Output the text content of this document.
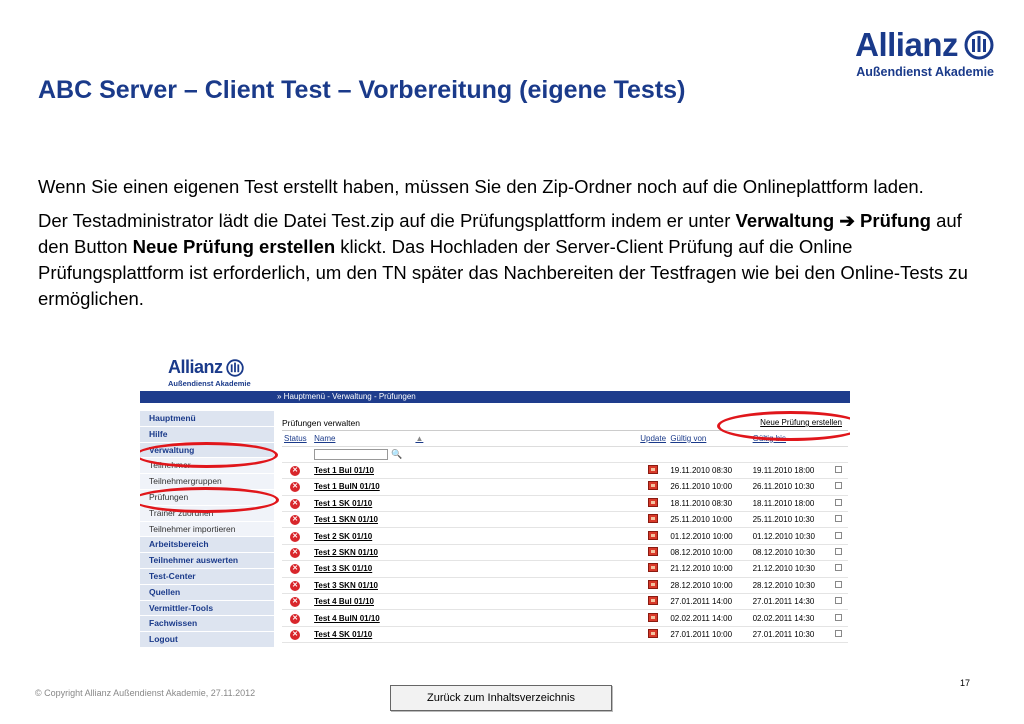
Allianz
Außendienst Akademie
ABC Server – Client Test – Vorbereitung (eigene Tests)

Wenn Sie einen eigenen Test erstellt haben, müssen Sie den Zip-Ordner noch auf die Onlineplattform laden.

Der Testadministrator lädt die Datei Test.zip auf die Prüfungsplattform indem er unter Verwaltung ➔ Prüfung auf den Button Neue Prüfung erstellen klickt. Das Hochladen der Server-Client Prüfung auf die Online Prüfungsplattform ist erforderlich, um den TN später das Nachbereiten der Testfragen wie bei den Online-Tests zu ermöglichen.

Allianz
Außendienst Akademie
» Hauptmenü - Verwaltung - Prüfungen
Hauptmenü
Hilfe
Verwaltung
Teilnehmer
Teilnehmergruppen
Prüfungen
Trainer zuordnen
Teilnehmer importieren
Arbeitsbereich
Teilnehmer auswerten
Test-Center
Quellen
Vermittler-Tools
Fachwissen
Logout
Prüfungen verwalten	Neue Prüfung erstellen
Status	Name ▲	Update	Gültig von	Gültig bis	
	🔍				
✕	Test 1 Bul 01/10		19.11.2010 08:30	19.11.2010 18:00	
✕	Test 1 BulN 01/10		26.11.2010 10:00	26.11.2010 10:30	
✕	Test 1 SK 01/10		18.11.2010 08:30	18.11.2010 18:00	
✕	Test 1 SKN 01/10		25.11.2010 10:00	25.11.2010 10:30	
✕	Test 2 SK 01/10		01.12.2010 10:00	01.12.2010 10:30	
✕	Test 2 SKN 01/10		08.12.2010 10:00	08.12.2010 10:30	
✕	Test 3 SK 01/10		21.12.2010 10:00	21.12.2010 10:30	
✕	Test 3 SKN 01/10		28.12.2010 10:00	28.12.2010 10:30	
✕	Test 4 Bul 01/10		27.01.2011 14:00	27.01.2011 14:30	
✕	Test 4 BulN 01/10		02.02.2011 14:00	02.02.2011 14:30	
✕	Test 4 SK 01/10		27.01.2011 10:00	27.01.2011 10:30	
© Copyright Allianz Außendienst Akademie, 27.11.2012
17
Zurück zum Inhaltsverzeichnis
